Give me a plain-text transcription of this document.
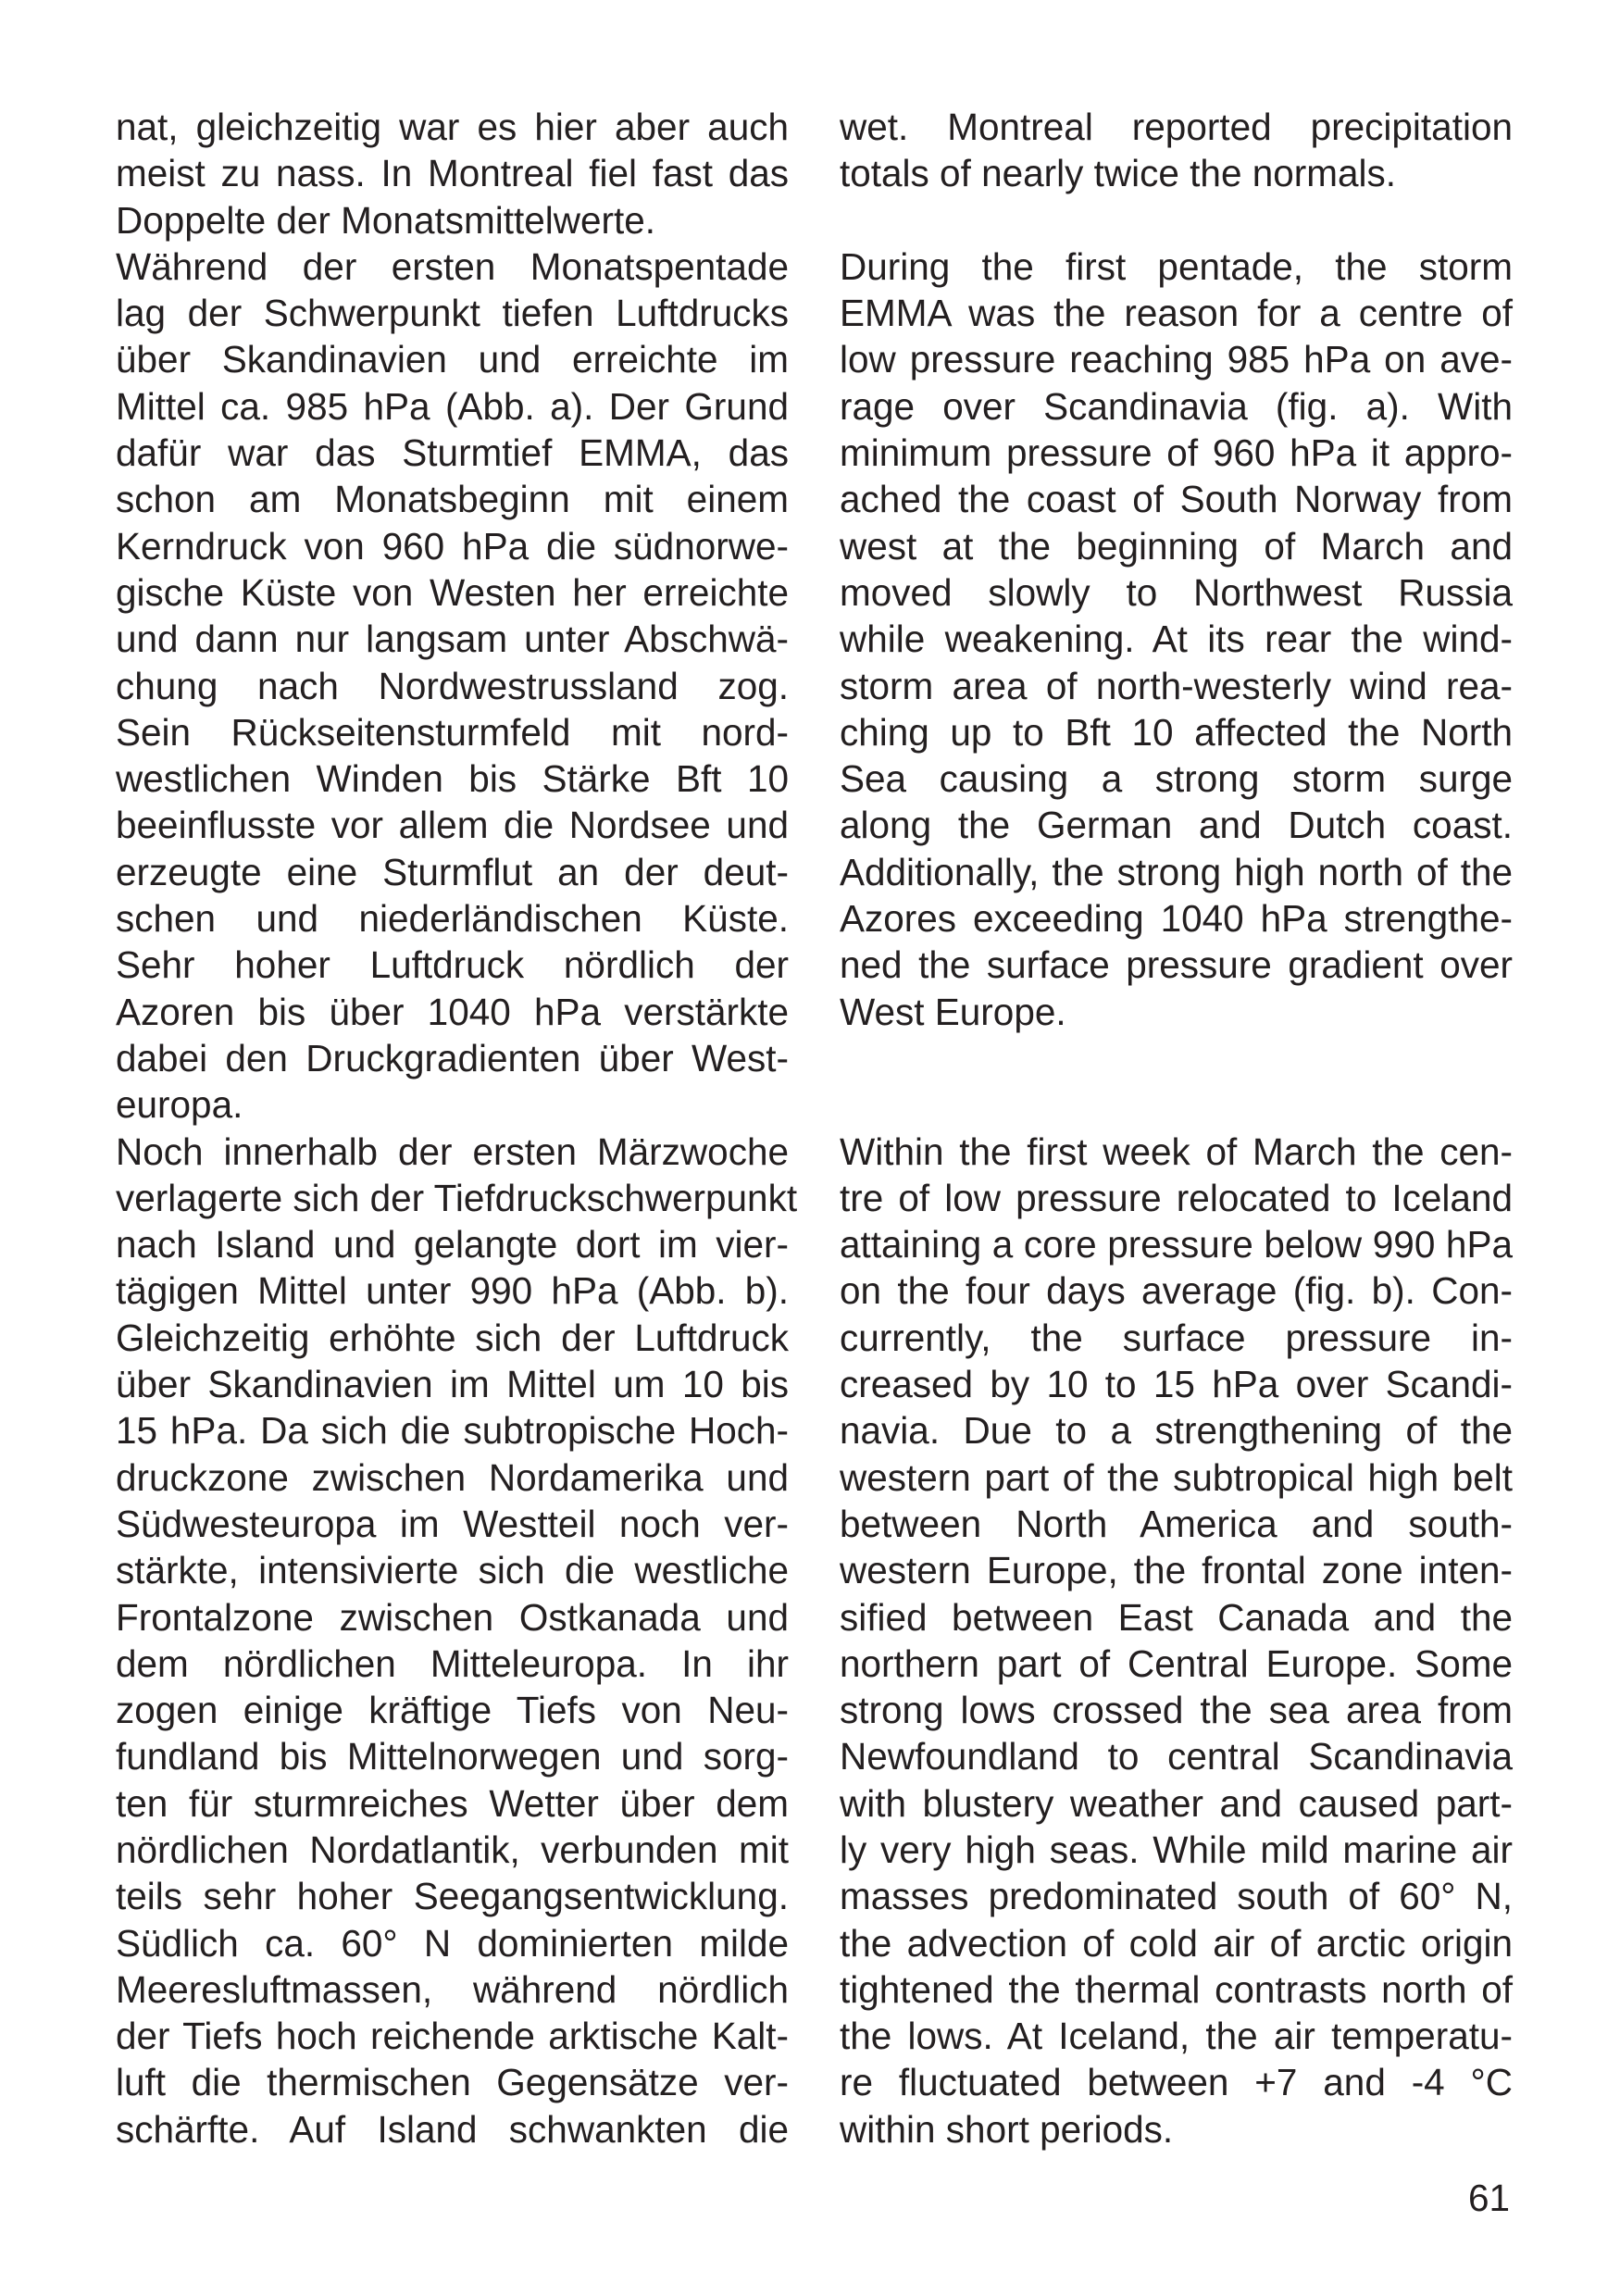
nat, gleichzeitig war es hier aber auch
meist zu nass. In Montreal fiel fast das
Doppelte der Monatsmittelwerte.
Während der ersten Monatspentade
lag der Schwerpunkt tiefen Luftdrucks
über Skandinavien und erreichte im
Mittel ca. 985 hPa (Abb. a). Der Grund
dafür war das Sturmtief EMMA, das
schon am Monatsbeginn mit einem
Kerndruck von 960 hPa die südnorwe-
gische Küste von Westen her erreichte
und dann nur langsam unter Abschwä-
chung nach Nordwestrussland zog.
Sein Rückseitensturmfeld mit nord-
westlichen Winden bis Stärke Bft 10
beeinflusste vor allem die Nordsee und
erzeugte eine Sturmflut an der deut-
schen und niederländischen Küste.
Sehr hoher Luftdruck nördlich der
Azoren bis über 1040 hPa verstärkte
dabei den Druckgradienten über West-
europa.
Noch innerhalb der ersten Märzwoche
verlagerte sich der Tiefdruckschwerpunkt
nach Island und gelangte dort im vier-
tägigen Mittel unter 990 hPa (Abb. b).
Gleichzeitig erhöhte sich der Luftdruck
über Skandinavien im Mittel um 10 bis
15 hPa. Da sich die subtropische Hoch-
druckzone zwischen Nordamerika und
Südwesteuropa im Westteil noch ver-
stärkte, intensivierte sich die westliche
Frontalzone zwischen Ostkanada und
dem nördlichen Mitteleuropa. In ihr
zogen einige kräftige Tiefs von Neu-
fundland bis Mittelnorwegen und sorg-
ten für sturmreiches Wetter über dem
nördlichen Nordatlantik, verbunden mit
teils sehr hoher Seegangsentwicklung.
Südlich ca. 60° N dominierten milde
Meeresluftmassen, während nördlich
der Tiefs hoch reichende arktische Kalt-
luft die thermischen Gegensätze ver-
schärfte. Auf Island schwankten die
wet. Montreal reported precipitation
totals of nearly twice the normals.
During the first pentade, the storm
EMMA was the reason for a centre of
low pressure reaching 985 hPa on ave-
rage over Scandinavia (fig. a). With
minimum pressure of 960 hPa it appro-
ached the coast of South Norway from
west at the beginning of March and
moved slowly to Northwest Russia
while weakening. At its rear the wind-
storm area of north-westerly wind rea-
ching up to Bft 10 affected the North
Sea causing a strong storm surge
along the German and Dutch coast.
Additionally, the strong high north of the
Azores exceeding 1040 hPa strengthe-
ned the surface pressure gradient over
West Europe.
Within the first week of March the cen-
tre of low pressure relocated to Iceland
attaining a core pressure below 990 hPa
on the four days average (fig. b). Con-
currently, the surface pressure in-
creased by 10 to 15 hPa over Scandi-
navia. Due to a strengthening of the
western part of the subtropical high belt
between North America and south-
western Europe, the frontal zone inten-
sified between East Canada and the
northern part of Central Europe. Some
strong lows crossed the sea area from
Newfoundland to central Scandinavia
with blustery weather and caused part-
ly very high seas. While mild marine air
masses predominated south of 60° N,
the advection of cold air of arctic origin
tightened the thermal contrasts north of
the lows. At Iceland, the air temperatu-
re fluctuated between +7 and -4 °C
within short periods.
61
